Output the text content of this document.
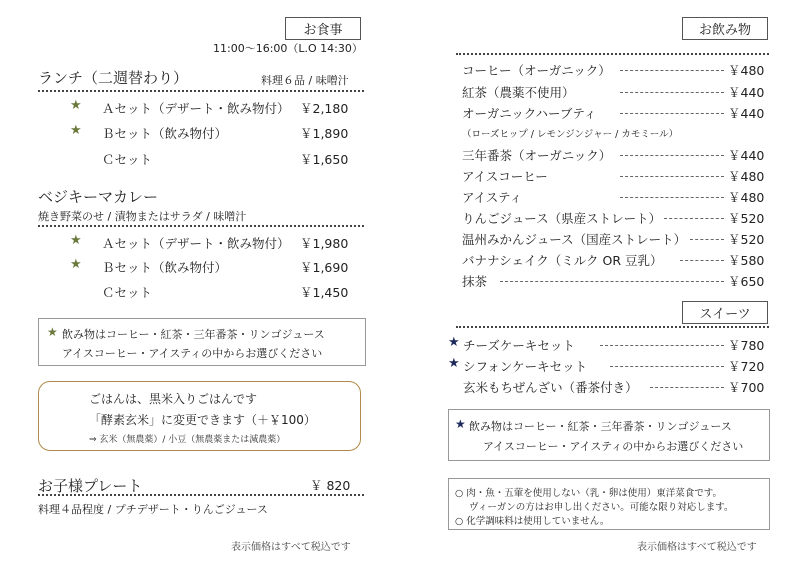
お食事
11:00〜16:00（L.O 14:30）
ランチ（二週替わり）	料理６品 / 味噌汁
★ Ａセット（デザート・飲み物付） ￥2,180
★ Ｂセット（飲み物付）	￥1,890
Ｃセット	￥1,650
ベジキーマカレー
焼き野菜のせ / 漬物またはサラダ / 味噌汁
★ Ａセット（デザート・飲み物付） ￥1,980
★ Ｂセット（飲み物付）	￥1,690
Ｃセット	￥1,450
★ 飲み物はコーヒー・紅茶・三年番茶・リンゴジュース
アイスコーヒー・アイスティの中からお選びください
ごはんは、黒米入りごはんです
「酵素玄米」に変更できます（＋￥100）
⇒ 玄米（無農薬）/ 小豆（無農薬または減農薬）
お子様プレート	￥ 820
料理４品程度 / プチデザート・りんごジュース
表示価格はすべて税込です
お飲み物
コーヒー（オーガニック）	￥480
紅茶（農薬不使用）	￥440
オーガニックハーブティ	￥440
（ローズヒップ / レモンジンジャー / カモミール）
三年番茶（オーガニック）	￥440
アイスコーヒー	￥480
アイスティ	￥480
りんごジュース（県産ストレート）	￥520
温州みかんジュース（国産ストレート）	￥520
バナナシェイク（ミルク OR 豆乳）	￥580
抹茶	￥650
スイーツ
★ チーズケーキセット	￥780
★ シフォンケーキセット	￥720
玄米もちぜんざい（番茶付き）	￥700
★ 飲み物はコーヒー・紅茶・三年番茶・リンゴジュース
アイスコーヒー・アイスティの中からお選びください
○ 肉・魚・五葷を使用しない（乳・卵は使用）東洋菜食です。
ヴィーガンの方はお申し出ください。可能な限り対応します。
○ 化学調味料は使用していません。
表示価格はすべて税込です
